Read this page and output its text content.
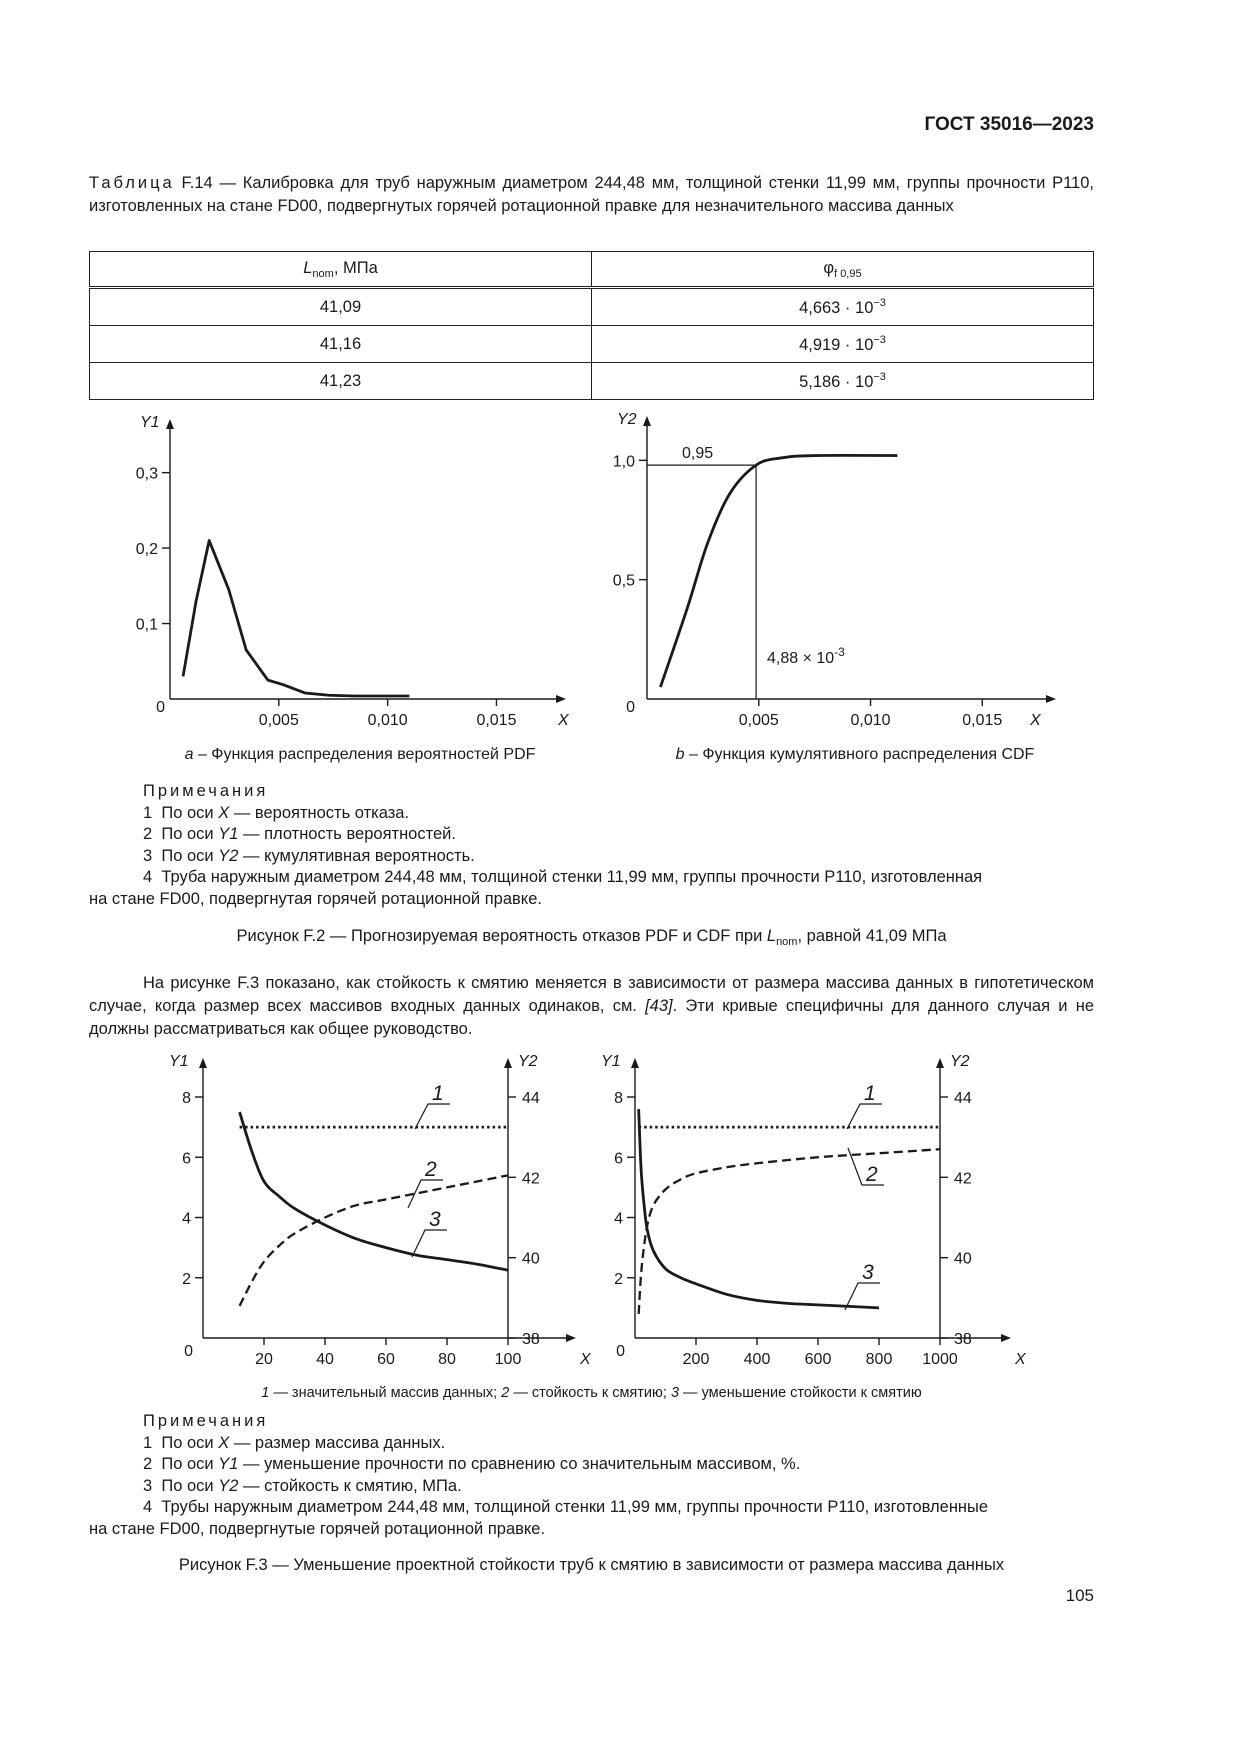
ГОСТ 35016—2023
Таблица F.14 — Калибровка для труб наружным диаметром 244,48 мм, толщиной стенки 11,99 мм, группы прочности P110, изготовленных на стане FD00, подвергнутых горячей ротационной правке для незначительного массива данных
$L_{nom}$, МПа	$\varphi_{f 0,95}$
41,09	$4,663 \cdot 10^{-3}$
41,16	$4,919 \cdot 10^{-3}$
41,23	$5,186 \cdot 10^{-3}$
0,1
0,2
0,3
0,005	0,010	0,015
Y1
X
0
0,5
1,0
0,005	0,010	0,015
Y2
X
0
0,95
$4,88 \times 10^{-3}$
a – Функция распределения вероятностей PDF	b – Функция кумулятивного распределения CDF
Примечания
1 По оси X — вероятность отказа.
2 По оси Y1 — плотность вероятностей.
3 По оси Y2 — кумулятивная вероятность.
4 Труба наружным диаметром 244,48 мм, толщиной стенки 11,99 мм, группы прочности P110, изготовленная
на стане FD00, подвергнутая горячей ротационной правке.
Рисунок F.2 — Прогнозируемая вероятность отказов PDF и CDF при $L_{nom}$, равной 41,09 МПа
На рисунке F.3 показано, как стойкость к смятию меняется в зависимости от размера массива данных в гипотетическом случае, когда размер всех массивов входных данных одинаков, см. [43]. Эти кривые специфичны для данного случая и не должны рассматриваться как общее руководство.
2
4
6
8
38
40
42
44
20	40	60	80 100
1
2
3
Y1	Y2
X
0
2
4
6
8
38
40
42
44
200 400 600 800 1000
1
2
3
Y1	Y2
X
0
1 — значительный массив данных; 2 — стойкость к смятию; 3 — уменьшение стойкости к смятию
Примечания
1 По оси X — размер массива данных.
2 По оси Y1 — уменьшение прочности по сравнению со значительным массивом, %.
3 По оси Y2 — стойкость к смятию, МПа.
4 Трубы наружным диаметром 244,48 мм, толщиной стенки 11,99 мм, группы прочности P110, изготовленные
на стане FD00, подвергнутые горячей ротационной правке.
Рисунок F.3 — Уменьшение проектной стойкости труб к смятию в зависимости от размера массива данных
105
